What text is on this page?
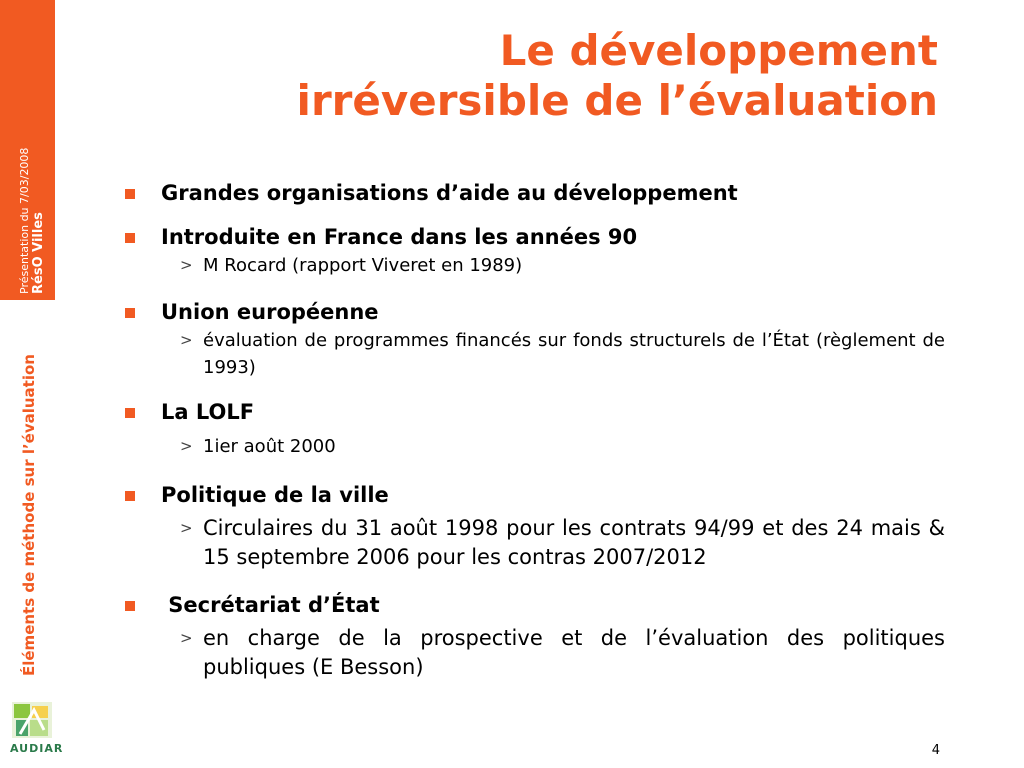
Présentation du 7/03/2008 RésO Villes
Éléments de méthode sur l’évaluation
AUDIAR
Le développement
irréversible de l’évaluation
Grandes organisations d’aide au développement
Introduite en France dans les années 90
> M Rocard (rapport Viveret en 1989)
Union européenne
> évaluation de programmes financés sur fonds structurels de l’État (règlement de 1993)
La LOLF
> 1ier août 2000
Politique de la ville
> Circulaires du 31 août 1998 pour les contrats 94/99 et des 24 mais & 15 septembre 2006 pour les contras 2007/2012
Secrétariat d’État
> en charge de la prospective et de l’évaluation des politiques publiques (E Besson)
4
